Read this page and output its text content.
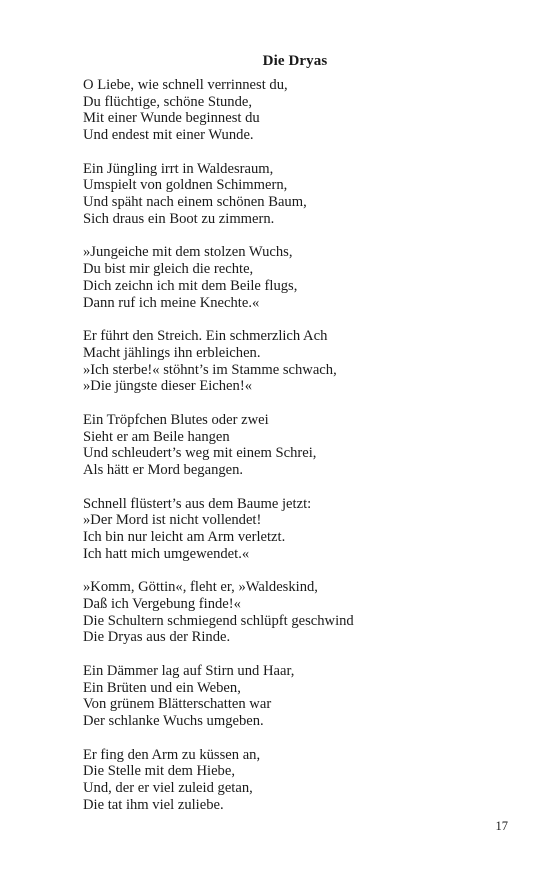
Die Dryas
O Liebe, wie schnell verrinnest du,
Du flüchtige, schöne Stunde,
Mit einer Wunde beginnest du
Und endest mit einer Wunde.
Ein Jüngling irrt in Waldesraum,
Umspielt von goldnen Schimmern,
Und späht nach einem schönen Baum,
Sich draus ein Boot zu zimmern.
»Jungeiche mit dem stolzen Wuchs,
Du bist mir gleich die rechte,
Dich zeichn ich mit dem Beile flugs,
Dann ruf ich meine Knechte.«
Er führt den Streich. Ein schmerzlich Ach
Macht jählings ihn erbleichen.
»Ich sterbe!« stöhnt’s im Stamme schwach,
»Die jüngste dieser Eichen!«
Ein Tröpfchen Blutes oder zwei
Sieht er am Beile hangen
Und schleudert’s weg mit einem Schrei,
Als hätt er Mord begangen.
Schnell flüstert’s aus dem Baume jetzt:
»Der Mord ist nicht vollendet!
Ich bin nur leicht am Arm verletzt.
Ich hatt mich umgewendet.«
»Komm, Göttin«, fleht er, »Waldeskind,
Daß ich Vergebung finde!«
Die Schultern schmiegend schlüpft geschwind
Die Dryas aus der Rinde.
Ein Dämmer lag auf Stirn und Haar,
Ein Brüten und ein Weben,
Von grünem Blätterschatten war
Der schlanke Wuchs umgeben.
Er fing den Arm zu küssen an,
Die Stelle mit dem Hiebe,
Und, der er viel zuleid getan,
Die tat ihm viel zuliebe.
17
